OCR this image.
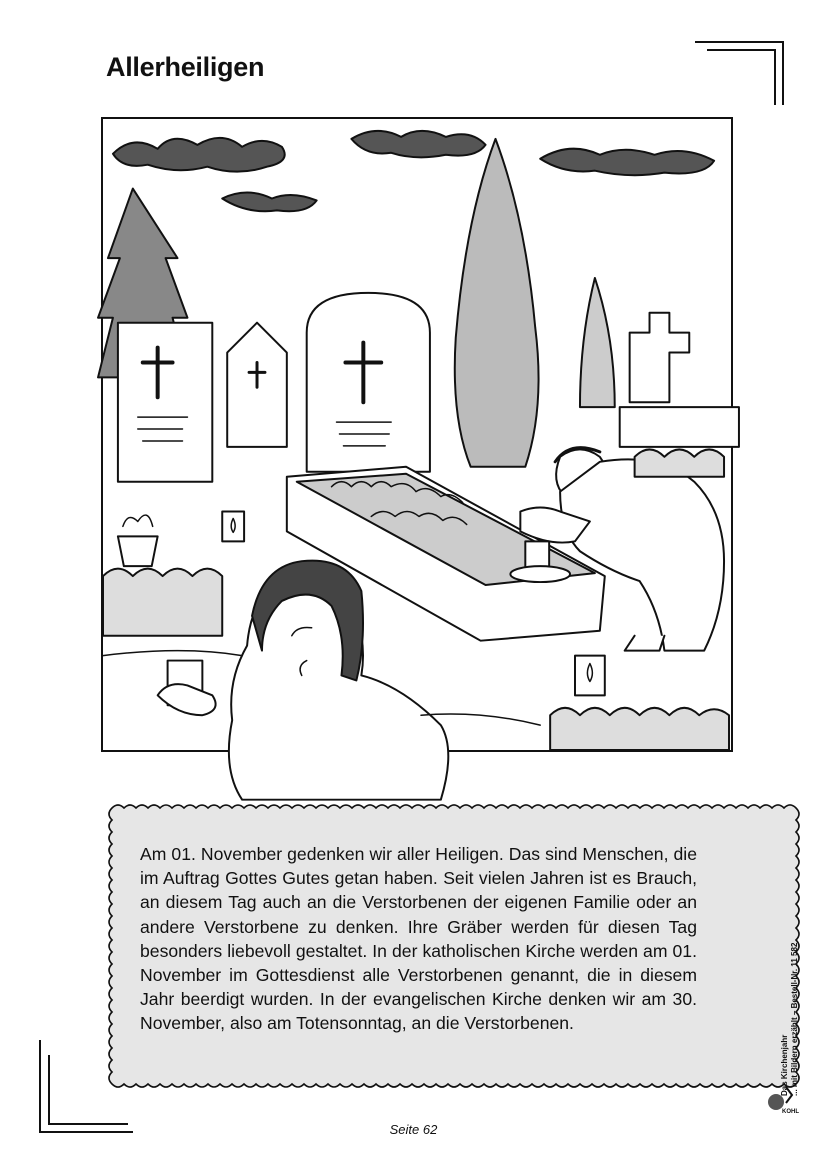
Allerheiligen

Am 01. November gedenken wir aller Heiligen. Das sind Menschen, die im Auftrag Gottes Gutes getan haben. Seit vielen Jahren ist es Brauch, an diesem Tag auch an die Verstorbenen der eigenen Familie oder an andere Verstorbene zu denken. Ihre Gräber werden für diesen Tag besonders liebevoll gestaltet. In der katholischen Kirche werden am 01. November im Gottesdienst alle Verstorbenen genannt, die in diesem Jahr beerdigt wurden. In der evangelischen Kirche denken wir am 30. November, also am Totensonntag, an die Verstorbenen.

Das Kirchenjahr ... mit Bildern erzählt – Bestell-Nr. 11 582
KOHL
Seite 62
